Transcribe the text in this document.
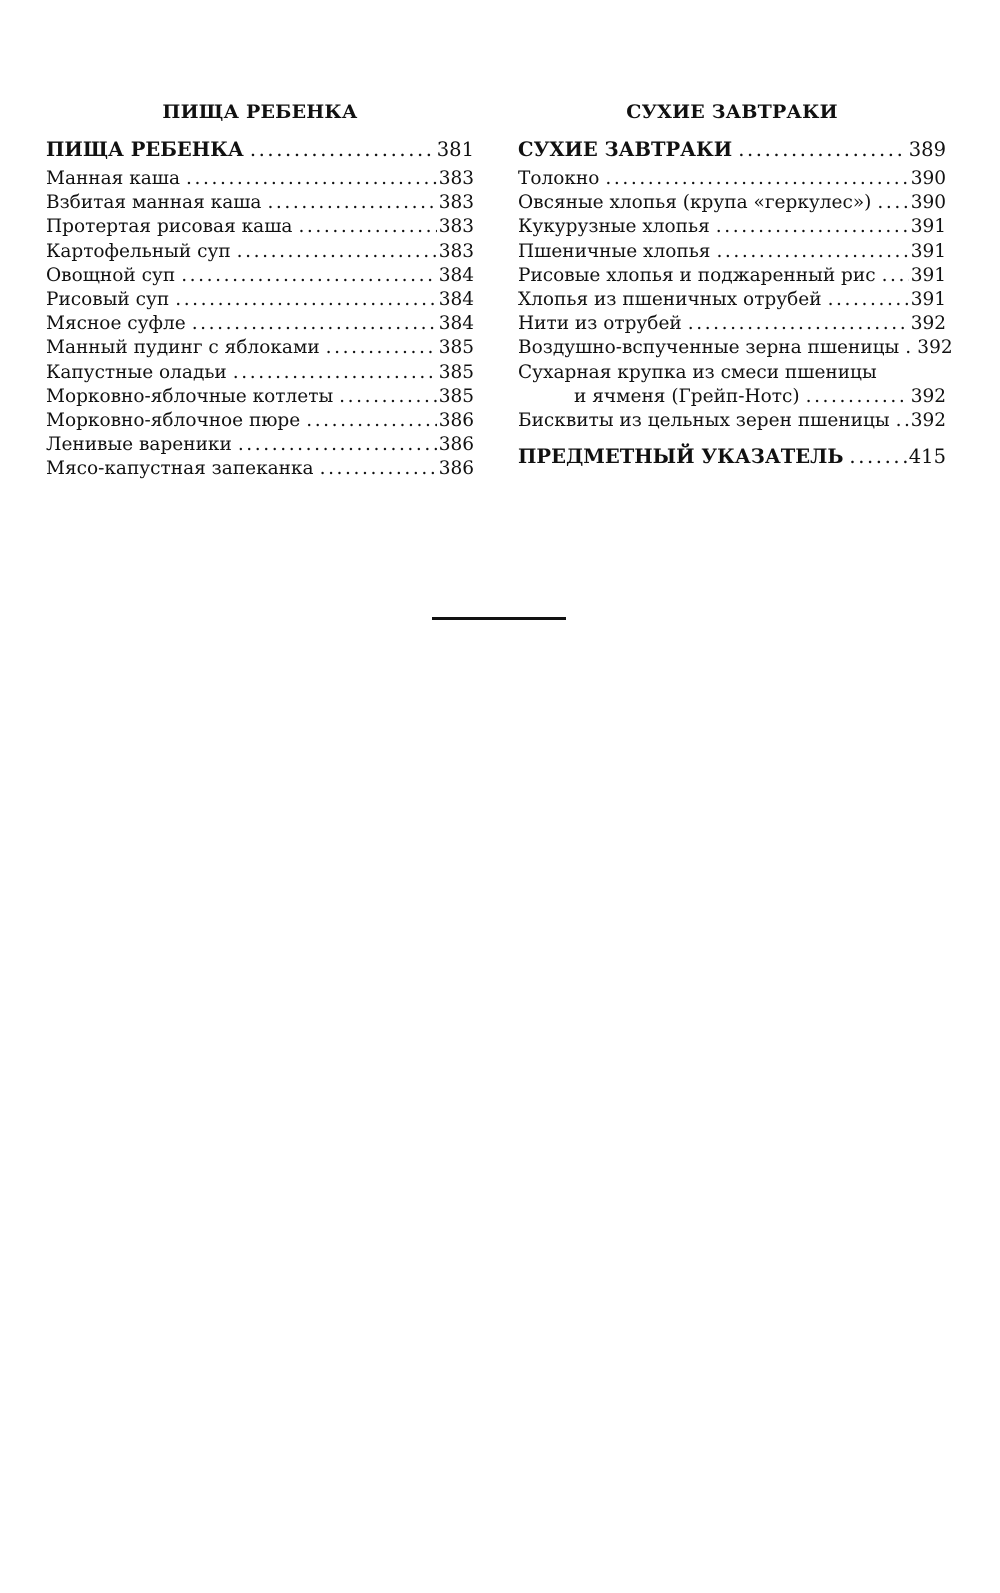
ПИЩА РЕБЕНКА
ПИЩА РЕБЕНКА .....	381
Манная каша .....	383
Взбитая манная каша .....	383
Протертая рисовая каша .....	383
Картофельный суп .....	383
Овощной суп .....	384
Рисовый суп .....	384
Мясное суфле .....	384
Манный пудинг с яблоками .....	385
Капустные оладьи .....	385
Морковно-яблочные котлеты .....	385
Морковно-яблочное пюре .....	386
Ленивые вареники .....	386
Мясо-капустная запеканка .....	386
СУХИЕ ЗАВТРАКИ
СУХИЕ ЗАВТРАКИ .....	389
Толокно .....	390
Овсяные хлопья (крупа «геркулес») .....	390
Кукурузные хлопья .....	391
Пшеничные хлопья .....	391
Рисовые хлопья и поджаренный рис .....	391
Хлопья из пшеничных отрубей .....	391
Нити из отрубей .....	392
Воздушно-вспученные зерна пшеницы ..... 392
Сухарная крупка из смеси пшеницы
и ячменя (Грейп-Нотс) .....	392
Бисквиты из цельных зерен пшеницы .....	392
ПРЕДМЕТНЫЙ УКАЗАТЕЛЬ .....	415
